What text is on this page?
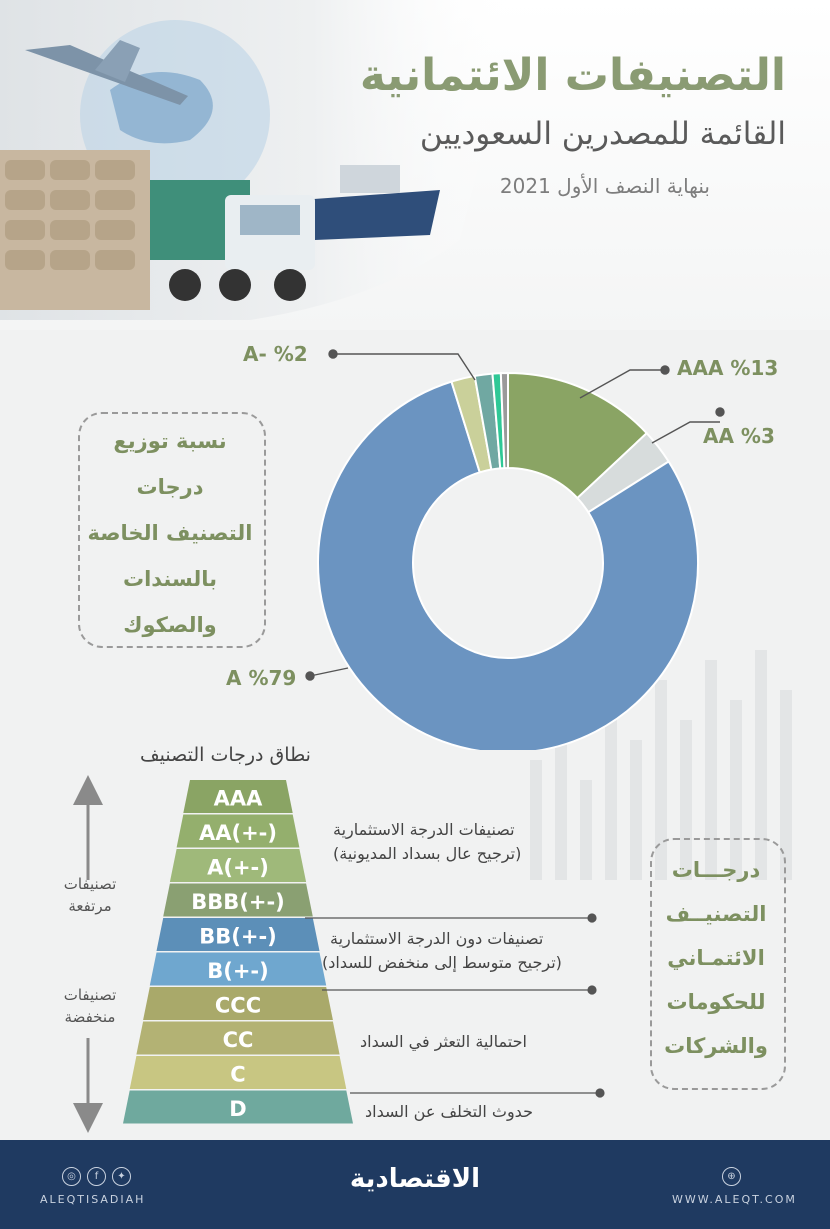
التصنيفات الائتمانية
القائمة للمصدرين السعوديين
بنهاية النصف الأول 2021
AAA %13
AA %3
A %79
A- %2
نسبة توزيع
درجات
التصنيف الخاصة
بالسندات
والصكوك
نطاق درجات التصنيف
AAA
AA(+-)
A(+-)
BBB(+-)
BB(+-)
B(+-)
CCC
CC
C
D
تصنيفات الدرجة الاستثمارية
(ترجيح عال بسداد المديونية)
تصنيفات دون الدرجة الاستثمارية
(ترجيح متوسط إلى منخفض للسداد)
احتمالية التعثر في السداد
حدوث التخلف عن السداد
تصنيفات
مرتفعة
تصنيفات
منخفضة
درجـــات
التصنيــف
الائتمـاني
للحكومات
والشركات
الاقتصادية
◎	f	✦
ALEQTISADIAH
⊕
WWW.ALEQT.COM
